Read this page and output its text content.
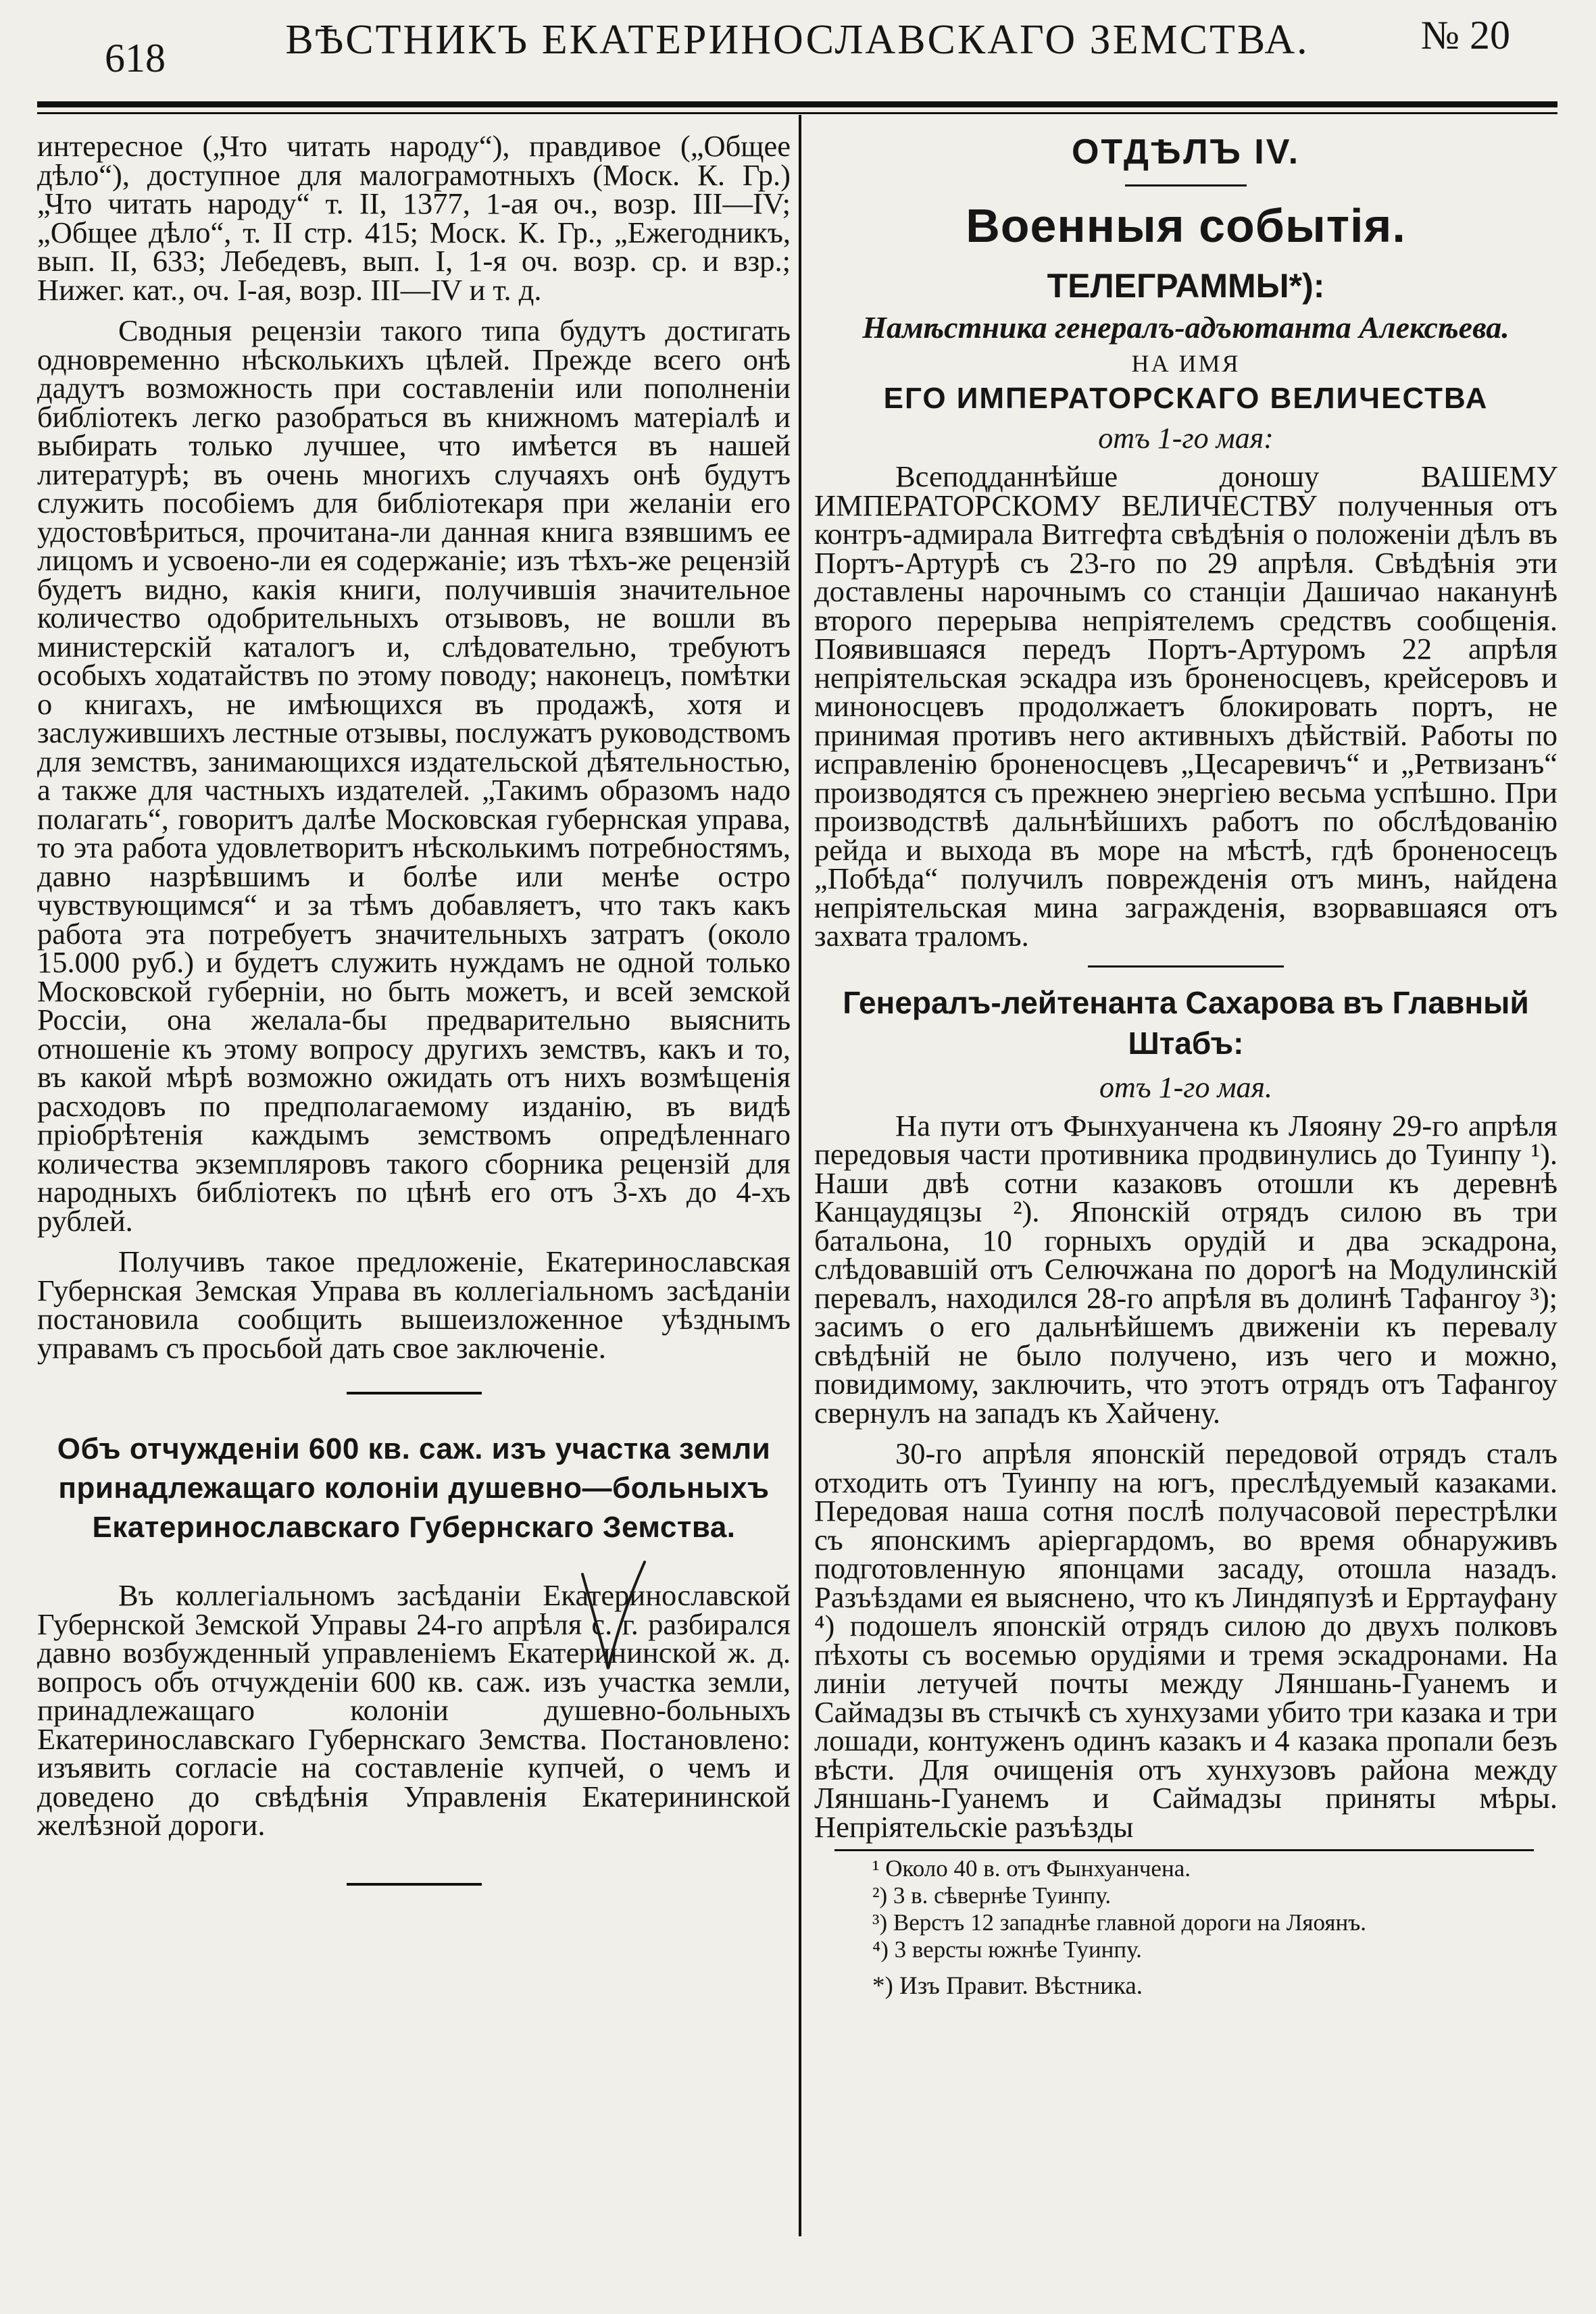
618	ВѢСТНИКЪ ЕКАТЕРИНОСЛАВСКАГО ЗЕМСТВА.	№ 20

интересное („Что читать народу“), правдивое („Общее дѣло“), доступное для малограмотныхъ (Моск. К. Гр.) „Что читать народу“ т. II, 1377, 1-ая оч., возр. III—IV; „Общее дѣло“, т. II стр. 415; Моск. К. Гр., „Ежегодникъ, вып. II, 633; Лебедевъ, вып. I, 1-я оч. возр. ср. и взр.; Нижег. кат., оч. I-ая, возр. III—IV и т. д.

Сводныя рецензіи такого типа будутъ достигать одновременно нѣсколькихъ цѣлей. Прежде всего онѣ дадутъ возможность при составленіи или пополненіи библіотекъ легко разобраться въ книжномъ матеріалѣ и выбирать только лучшее, что имѣется въ нашей литературѣ; въ очень многихъ случаяхъ онѣ будутъ служить пособіемъ для библіотекаря при желаніи его удостовѣриться, прочитана-ли данная книга взявшимъ ее лицомъ и усвоено-ли ея содержаніе; изъ тѣхъ-же рецензій будетъ видно, какія книги, получившія значительное количество одобрительныхъ отзывовъ, не вошли въ министерскій каталогъ и, слѣдовательно, требуютъ особыхъ ходатайствъ по этому поводу; наконецъ, помѣтки о книгахъ, не имѣющихся въ продажѣ, хотя и заслужившихъ лестные отзывы, послужатъ руководствомъ для земствъ, занимающихся издательской дѣятельностью, а также для частныхъ издателей. „Такимъ образомъ надо полагать“, говоритъ далѣе Московская губернская управа, то эта работа удовлетворитъ нѣсколькимъ потребностямъ, давно назрѣвшимъ и болѣе или менѣе остро чувствующимся“ и за тѣмъ добавляетъ, что такъ какъ работа эта потребуетъ значительныхъ затратъ (около 15.000 руб.) и будетъ служить нуждамъ не одной только Московской губерніи, но быть можетъ, и всей земской Россіи, она желала-бы предварительно выяснить отношеніе къ этому вопросу другихъ земствъ, какъ и то, въ какой мѣрѣ возможно ожидать отъ нихъ возмѣщенія расходовъ по предполагаемому изданію, въ видѣ пріобрѣтенія каждымъ земствомъ опредѣленнаго количества экземпляровъ такого сборника рецензій для народныхъ библіотекъ по цѣнѣ его отъ 3-хъ до 4-хъ рублей.

Получивъ такое предложеніе, Екатеринославская Губернская Земская Управа въ коллегіальномъ засѣданіи постановила сообщить вышеизложенное уѣзднымъ управамъ съ просьбой дать свое заключеніе.

Объ отчужденіи 600 кв. саж. изъ участка земли принадлежащаго колоніи душевно—больныхъ Екатеринославскаго Губернскаго Земства.

Въ коллегіальномъ засѣданіи Екатеринославской Губернской Земской Управы 24-го апрѣля с. г. разбирался давно возбужденный управленіемъ Екатерининской ж. д. вопросъ объ отчужденіи 600 кв. саж. изъ участка земли, принадлежащаго колоніи душевно-больныхъ Екатеринославскаго Губернскаго Земства. Постановлено: изъявить согласіе на составленіе купчей, о чемъ и доведено до свѣдѣнія Управленія Екатерининской желѣзной дороги.

ОТДѢЛЪ IV.
Военныя событія.
ТЕЛЕГРАММЫ*):
Намѣстника генералъ-адъютанта Алексѣева.
НА ИМЯ
ЕГО ИМПЕРАТОРСКАГО ВЕЛИЧЕСТВА
отъ 1-го мая:

Всеподданнѣйше доношу ВАШЕМУ ИМПЕРАТОРСКОМУ ВЕЛИЧЕСТВУ полученныя отъ контръ-адмирала Витгефта свѣдѣнія о положеніи дѣлъ въ Портъ-Артурѣ съ 23-го по 29 апрѣля. Свѣдѣнія эти доставлены нарочнымъ со станціи Дашичао наканунѣ второго перерыва непріятелемъ средствъ сообщенія. Появившаяся передъ Портъ-Артуромъ 22 апрѣля непріятельская эскадра изъ броненосцевъ, крейсеровъ и миноносцевъ продолжаетъ блокировать портъ, не принимая противъ него активныхъ дѣйствій. Работы по исправленію броненосцевъ „Цесаревичъ“ и „Ретвизанъ“ производятся съ прежнею энергіею весьма успѣшно. При производствѣ дальнѣйшихъ работъ по обслѣдованію рейда и выхода въ море на мѣстѣ, гдѣ броненосецъ „Побѣда“ получилъ поврежденія отъ минъ, найдена непріятельская мина загражденія, взорвавшаяся отъ захвата траломъ.

Генералъ-лейтенанта Сахарова въ Главный Штабъ:
отъ 1-го мая.

На пути отъ Фынхуанчена къ Ляояну 29-го апрѣля передовыя части противника продвинулись до Туинпу ¹). Наши двѣ сотни казаковъ отошли къ деревнѣ Канцаудяцзы ²). Японскій отрядъ силою въ три батальона, 10 горныхъ орудій и два эскадрона, слѣдовавшій отъ Селючжана по дорогѣ на Модулинскій перевалъ, находился 28-го апрѣля въ долинѣ Тафангоу ³); засимъ о его дальнѣйшемъ движеніи къ перевалу свѣдѣній не было получено, изъ чего и можно, повидимому, заключить, что этотъ отрядъ отъ Тафангоу свернулъ на западъ къ Хайчену.

30-го апрѣля японскій передовой отрядъ сталъ отходить отъ Туинпу на югъ, преслѣдуемый казаками. Передовая наша сотня послѣ получасовой перестрѣлки съ японскимъ аріергардомъ, во время обнаруживъ подготовленную японцами засаду, отошла назадъ. Разъѣздами ея выяснено, что къ Линдяпузѣ и Ерртауфану ⁴) подошелъ японскій отрядъ силою до двухъ полковъ пѣхоты съ восемью орудіями и тремя эскадронами. На линіи летучей почты между Ляншань-Гуанемъ и Саймадзы въ стычкѣ съ хунхузами убито три казака и три лошади, контуженъ одинъ казакъ и 4 казака пропали безъ вѣсти. Для очищенія отъ хунхузовъ района между Ляншань-Гуанемъ и Саймадзы приняты мѣры. Непріятельскіе разъѣзды

¹ Около 40 в. отъ Фынхуанчена.

²) 3 в. сѣвернѣе Туинпу.

³) Верстъ 12 западнѣе главной дороги на Ляоянъ.

⁴) 3 версты южнѣе Туинпу.

*) Изъ Правит. Вѣстника.
